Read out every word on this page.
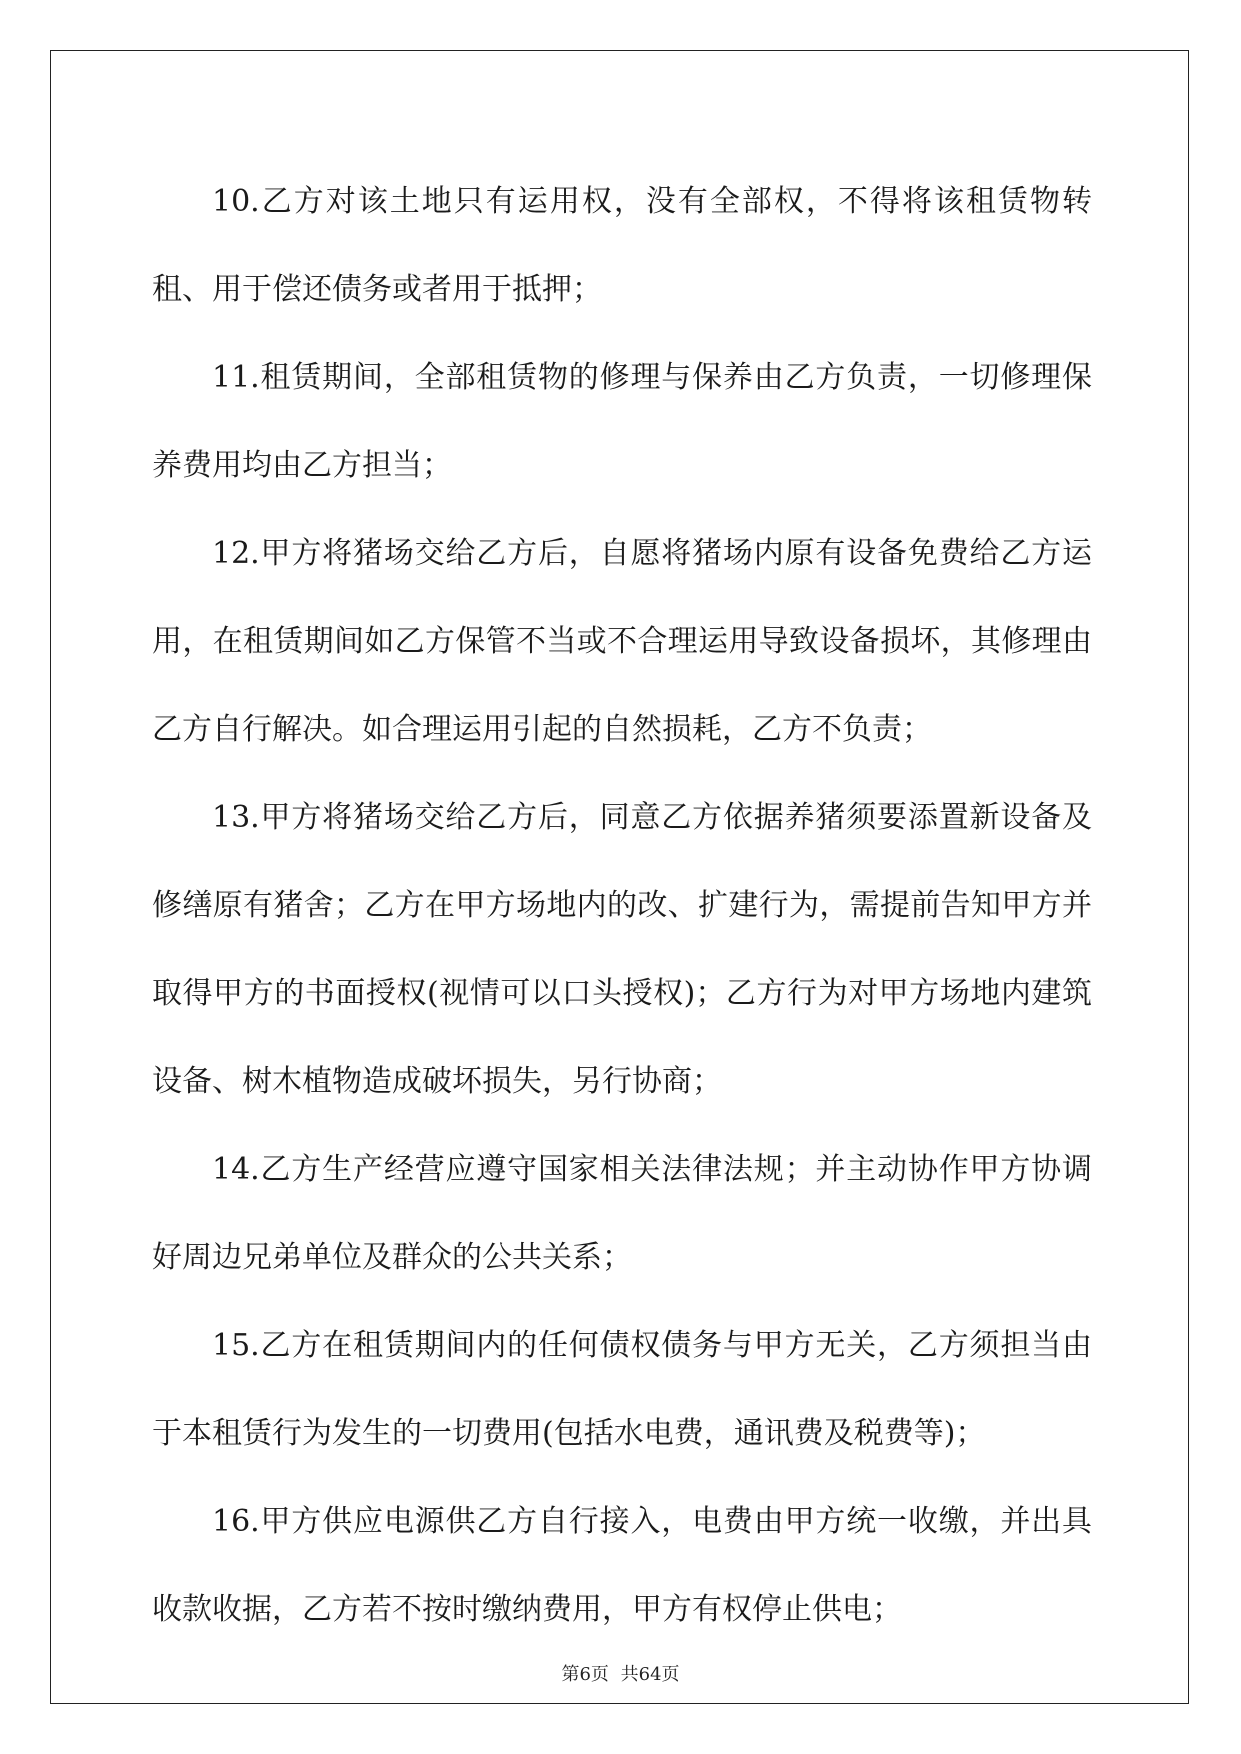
10.乙方对该土地只有运用权，没有全部权，不得将该租赁物转租、用于偿还债务或者用于抵押；

11.租赁期间，全部租赁物的修理与保养由乙方负责，一切修理保养费用均由乙方担当；

12.甲方将猪场交给乙方后，自愿将猪场内原有设备免费给乙方运用，在租赁期间如乙方保管不当或不合理运用导致设备损坏，其修理由乙方自行解决。如合理运用引起的自然损耗，乙方不负责；

13.甲方将猪场交给乙方后，同意乙方依据养猪须要添置新设备及修缮原有猪舍；乙方在甲方场地内的改、扩建行为，需提前告知甲方并取得甲方的书面授权(视情可以口头授权)；乙方行为对甲方场地内建筑设备、树木植物造成破坏损失，另行协商；

14.乙方生产经营应遵守国家相关法律法规；并主动协作甲方协调好周边兄弟单位及群众的公共关系；

15.乙方在租赁期间内的任何债权债务与甲方无关，乙方须担当由于本租赁行为发生的一切费用(包括水电费，通讯费及税费等)；

16.甲方供应电源供乙方自行接入，电费由甲方统一收缴，并出具收款收据，乙方若不按时缴纳费用，甲方有权停止供电；

第6页 共64页
